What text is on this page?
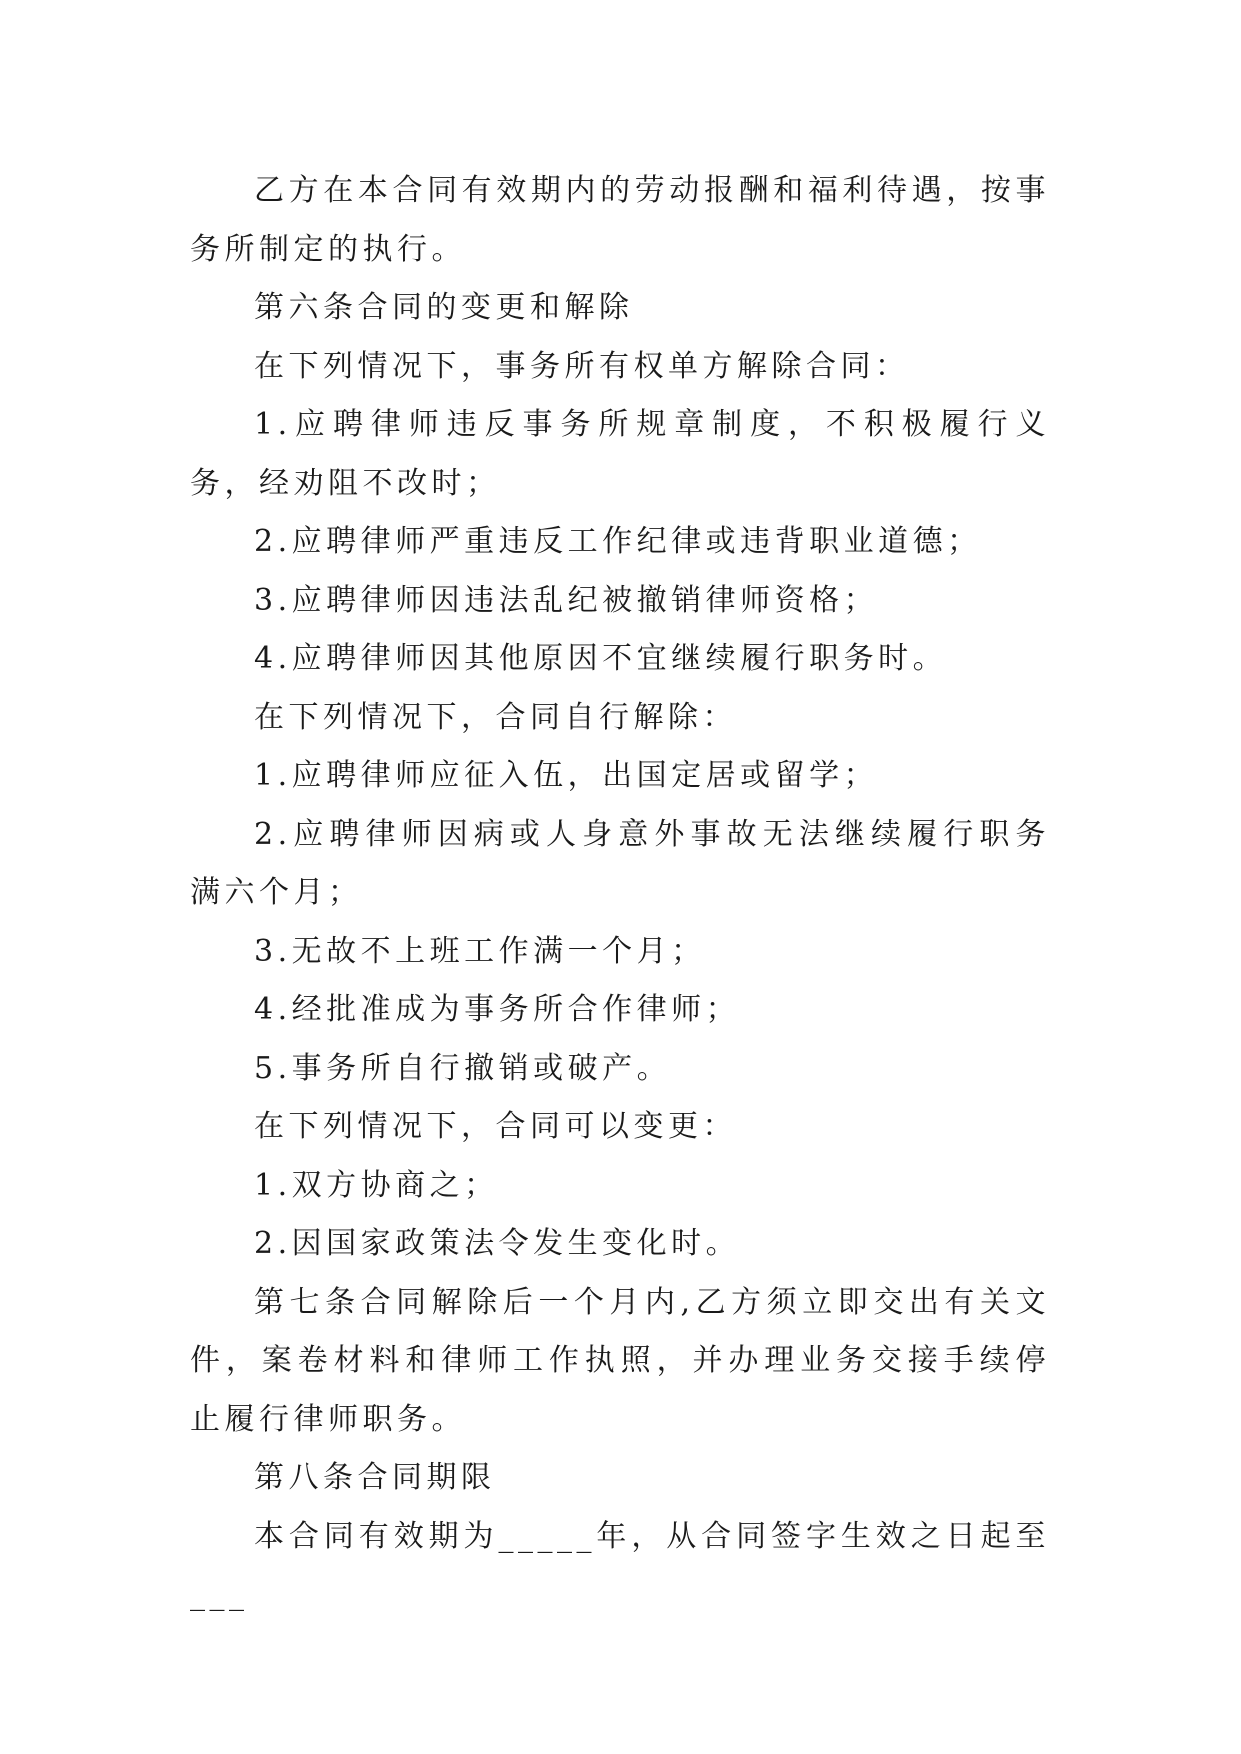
乙方在本合同有效期内的劳动报酬和福利待遇，按事务所制定的执行。

第六条合同的变更和解除

在下列情况下，事务所有权单方解除合同：

1.应聘律师违反事务所规章制度，不积极履行义务，经劝阻不改时；

2.应聘律师严重违反工作纪律或违背职业道德；

3.应聘律师因违法乱纪被撤销律师资格；

4.应聘律师因其他原因不宜继续履行职务时。

在下列情况下，合同自行解除：

1.应聘律师应征入伍，出国定居或留学；

2.应聘律师因病或人身意外事故无法继续履行职务满六个月；

3.无故不上班工作满一个月；

4.经批准成为事务所合作律师；

5.事务所自行撤销或破产。

在下列情况下，合同可以变更：

1.双方协商之；

2.因国家政策法令发生变化时。

第七条合同解除后一个月内,乙方须立即交出有关文件，案卷材料和律师工作执照，并办理业务交接手续停止履行律师职务。

第八条合同期限

本合同有效期为_____年，从合同签字生效之日起至___
